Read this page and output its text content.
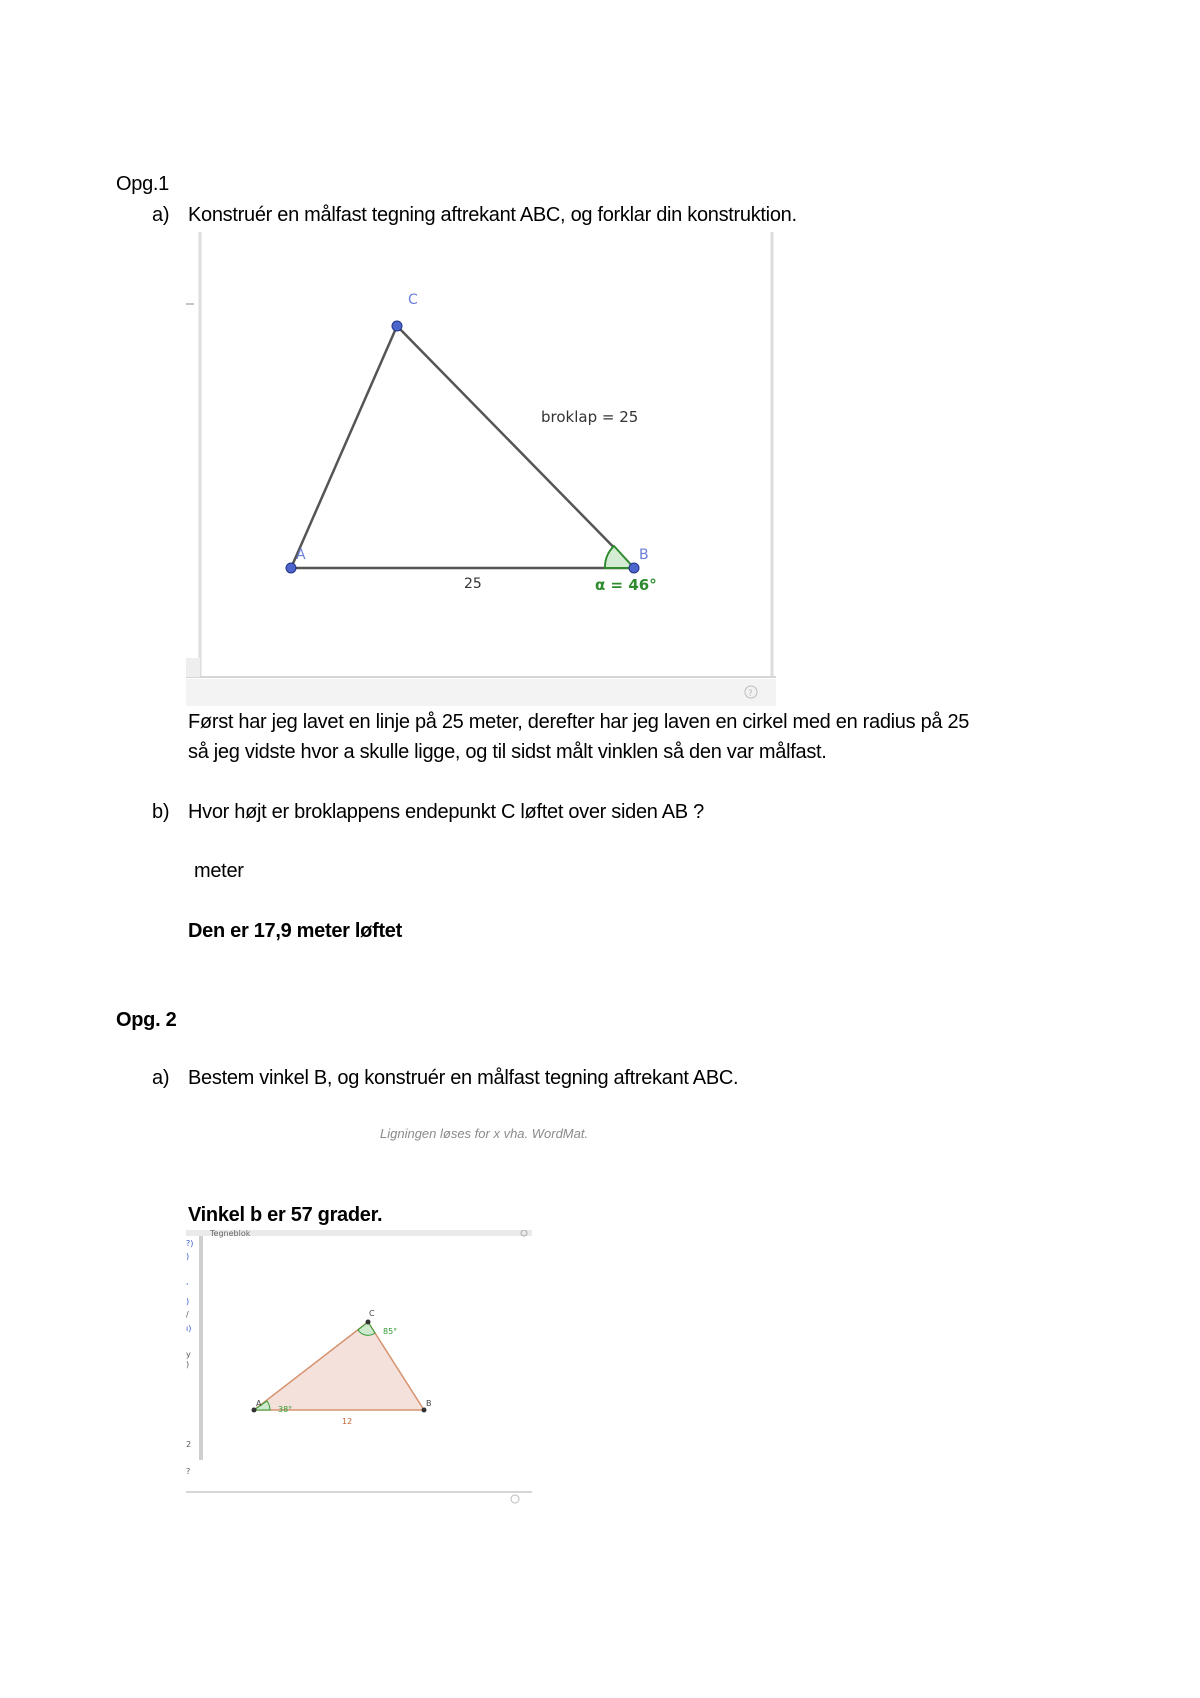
Opg.1
a) Konstruér en målfast tegning aftrekant ABC, og forklar din konstruktion.
A	B
C
broklap = 25
25	α = 46°
?
Først har jeg lavet en linje på 25 meter, derefter har jeg laven en cirkel med en radius på 25
så jeg vidste hvor a skulle ligge, og til sidst målt vinklen så den var målfast.
b) Hvor højt er broklappens endepunkt C løftet over siden AB ?
meter
Den er 17,9 meter løftet
Opg. 2
a) Bestem vinkel B, og konstruér en målfast tegning aftrekant ABC.
Ligningen løses for x vha. WordMat.
Vinkel b er 57 grader.
Tegneblok
?)
)
,
)
/
ı)
y
)
2
?
A	B
C
85°
38°
12
